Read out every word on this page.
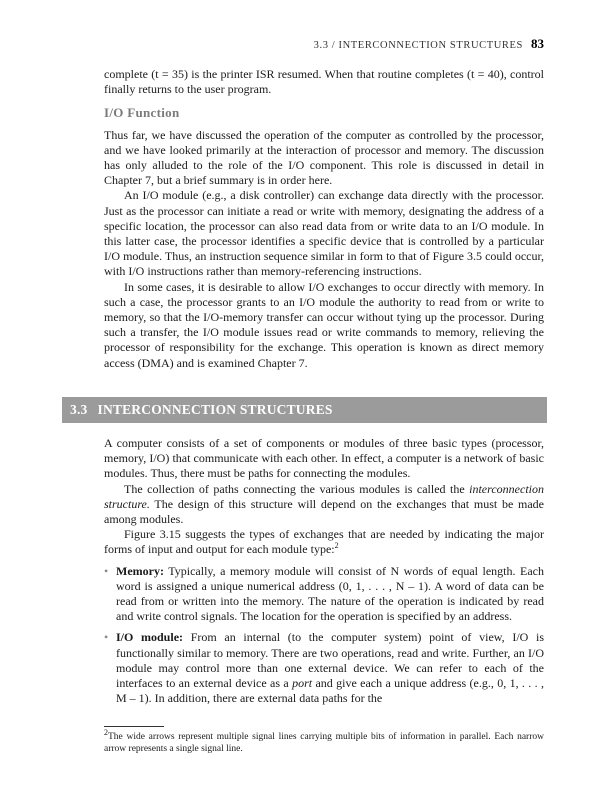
3.3 / INTERCONNECTION STRUCTURES 83

complete (t = 35) is the printer ISR resumed. When that routine completes (t = 40), control finally returns to the user program.

I/O Function

Thus far, we have discussed the operation of the computer as controlled by the processor, and we have looked primarily at the interaction of processor and memory. The discussion has only alluded to the role of the I/O component. This role is discussed in detail in Chapter 7, but a brief summary is in order here.

An I/O module (e.g., a disk controller) can exchange data directly with the processor. Just as the processor can initiate a read or write with memory, designating the address of a specific location, the processor can also read data from or write data to an I/O module. In this latter case, the processor identifies a specific device that is controlled by a particular I/O module. Thus, an instruction sequence similar in form to that of Figure 3.5 could occur, with I/O instructions rather than memory-referencing instructions.

In some cases, it is desirable to allow I/O exchanges to occur directly with memory. In such a case, the processor grants to an I/O module the authority to read from or write to memory, so that the I/O-memory transfer can occur without tying up the processor. During such a transfer, the I/O module issues read or write commands to memory, relieving the processor of responsibility for the exchange. This operation is known as direct memory access (DMA) and is examined Chapter 7.

3.3 INTERCONNECTION STRUCTURES

A computer consists of a set of components or modules of three basic types (processor, memory, I/O) that communicate with each other. In effect, a computer is a network of basic modules. Thus, there must be paths for connecting the modules.

The collection of paths connecting the various modules is called the interconnection structure. The design of this structure will depend on the exchanges that must be made among modules.

Figure 3.15 suggests the types of exchanges that are needed by indicating the major forms of input and output for each module type:$^2$

• Memory: Typically, a memory module will consist of N words of equal length. Each word is assigned a unique numerical address (0, 1, . . . , N – 1). A word of data can be read from or written into the memory. The nature of the operation is indicated by read and write control signals. The location for the operation is specified by an address.
• I/O module: From an internal (to the computer system) point of view, I/O is functionally similar to memory. There are two operations, read and write. Further, an I/O module may control more than one external device. We can refer to each of the interfaces to an external device as a port and give each a unique address (e.g., 0, 1, . . . , M – 1). In addition, there are external data paths for the
$^2$The wide arrows represent multiple signal lines carrying multiple bits of information in parallel. Each narrow arrow represents a single signal line.
